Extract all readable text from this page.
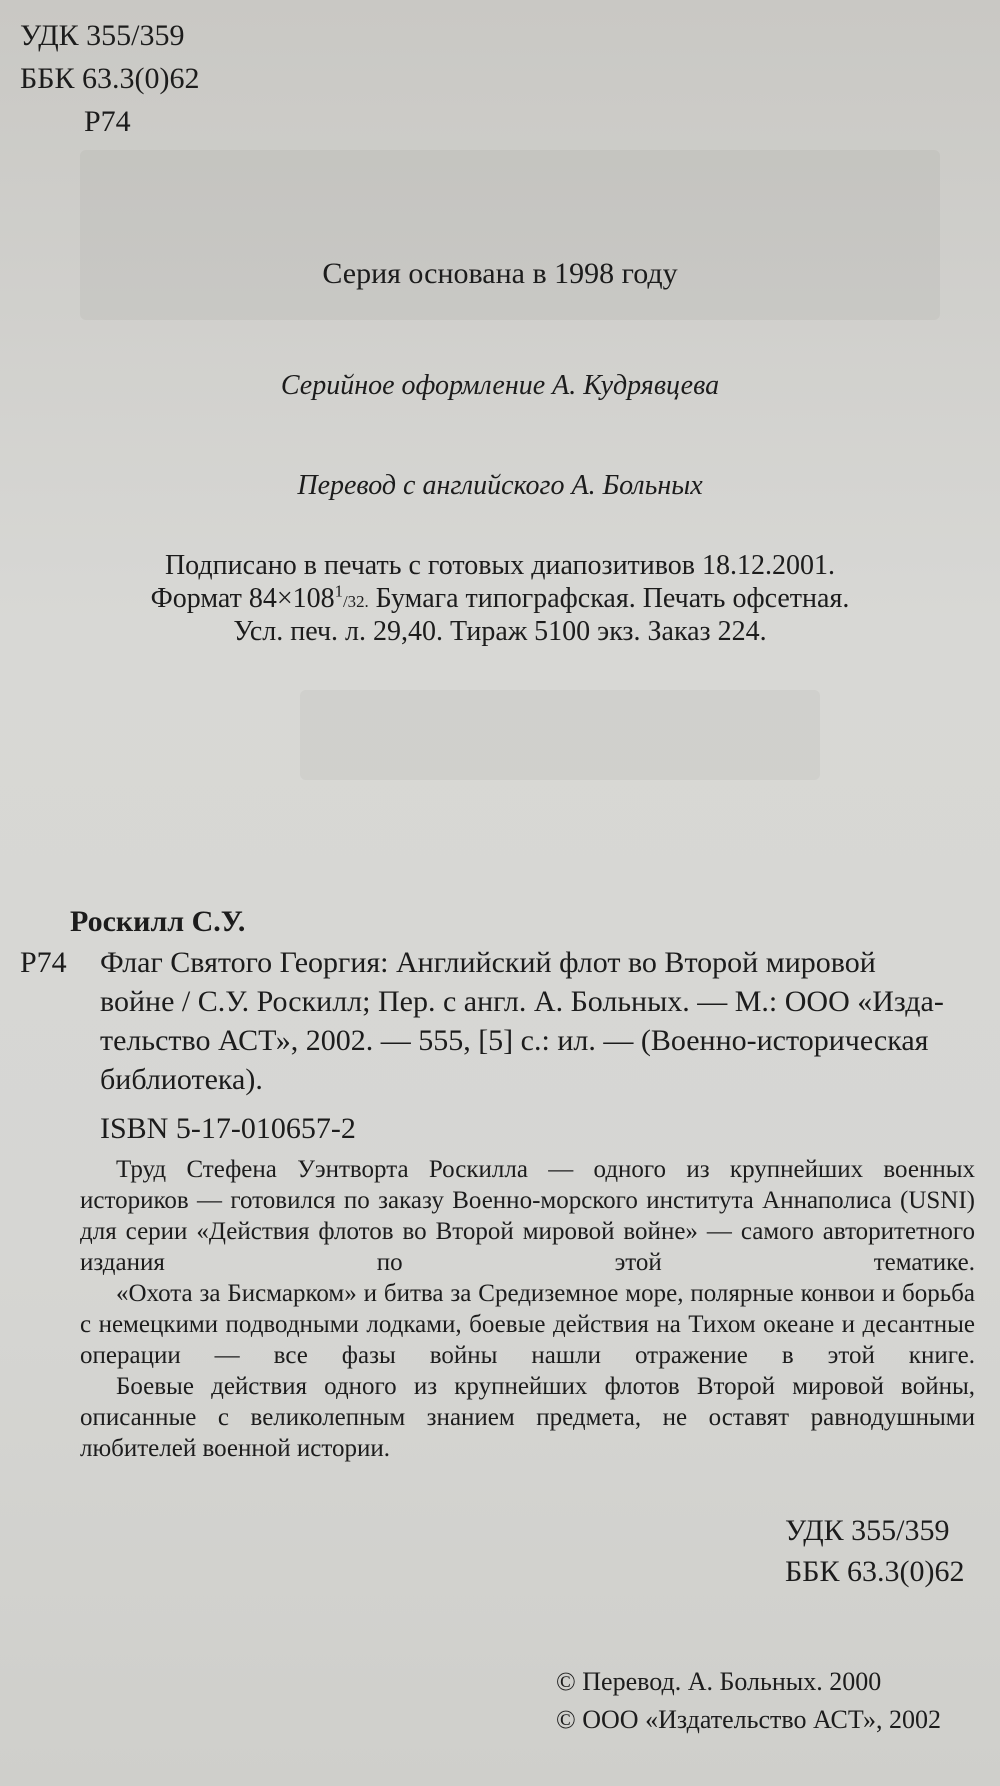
УДК 355/359
ББК 63.3(0)62
Р74
Серия основана в 1998 году
Серийное оформление А. Кудрявцева
Перевод с английского А. Больных
Подписано в печать с готовых диапозитивов 18.12.2001.
Формат $84\times 108^1/32$. Бумага типографская. Печать офсетная.
Усл. печ. л. 29,40. Тираж 5100 экз. Заказ 224.
Роскилл С.У.
Р74 Флаг Святого Георгия: Английский флот во Второй мировой
войне / С.У. Роскилл; Пер. с англ. А. Больных. — М.: ООО «Изда-
тельство АСТ», 2002. — 555, [5] с.: ил. — (Военно-историческая
библиотека).
ISBN 5-17-010657-2

Труд Стефена Уэнтворта Роскилла — одного из крупнейших военных историков — готовился по заказу Военно-морского института Аннаполиса (USNI) для серии «Действия флотов во Второй мировой войне» — самого авторитетного издания по этой тематике.

«Охота за Бисмарком» и битва за Средиземное море, полярные конвои и борьба с немецкими подводными лодками, боевые действия на Тихом океане и десантные операции — все фазы войны нашли отражение в этой книге.

Боевые действия одного из крупнейших флотов Второй мировой войны, описанные с великолепным знанием предмета, не оставят равнодушными любителей военной истории.

УДК 355/359
ББК 63.3(0)62
© Перевод. А. Больных. 2000
© ООО «Издательство АСТ», 2002
